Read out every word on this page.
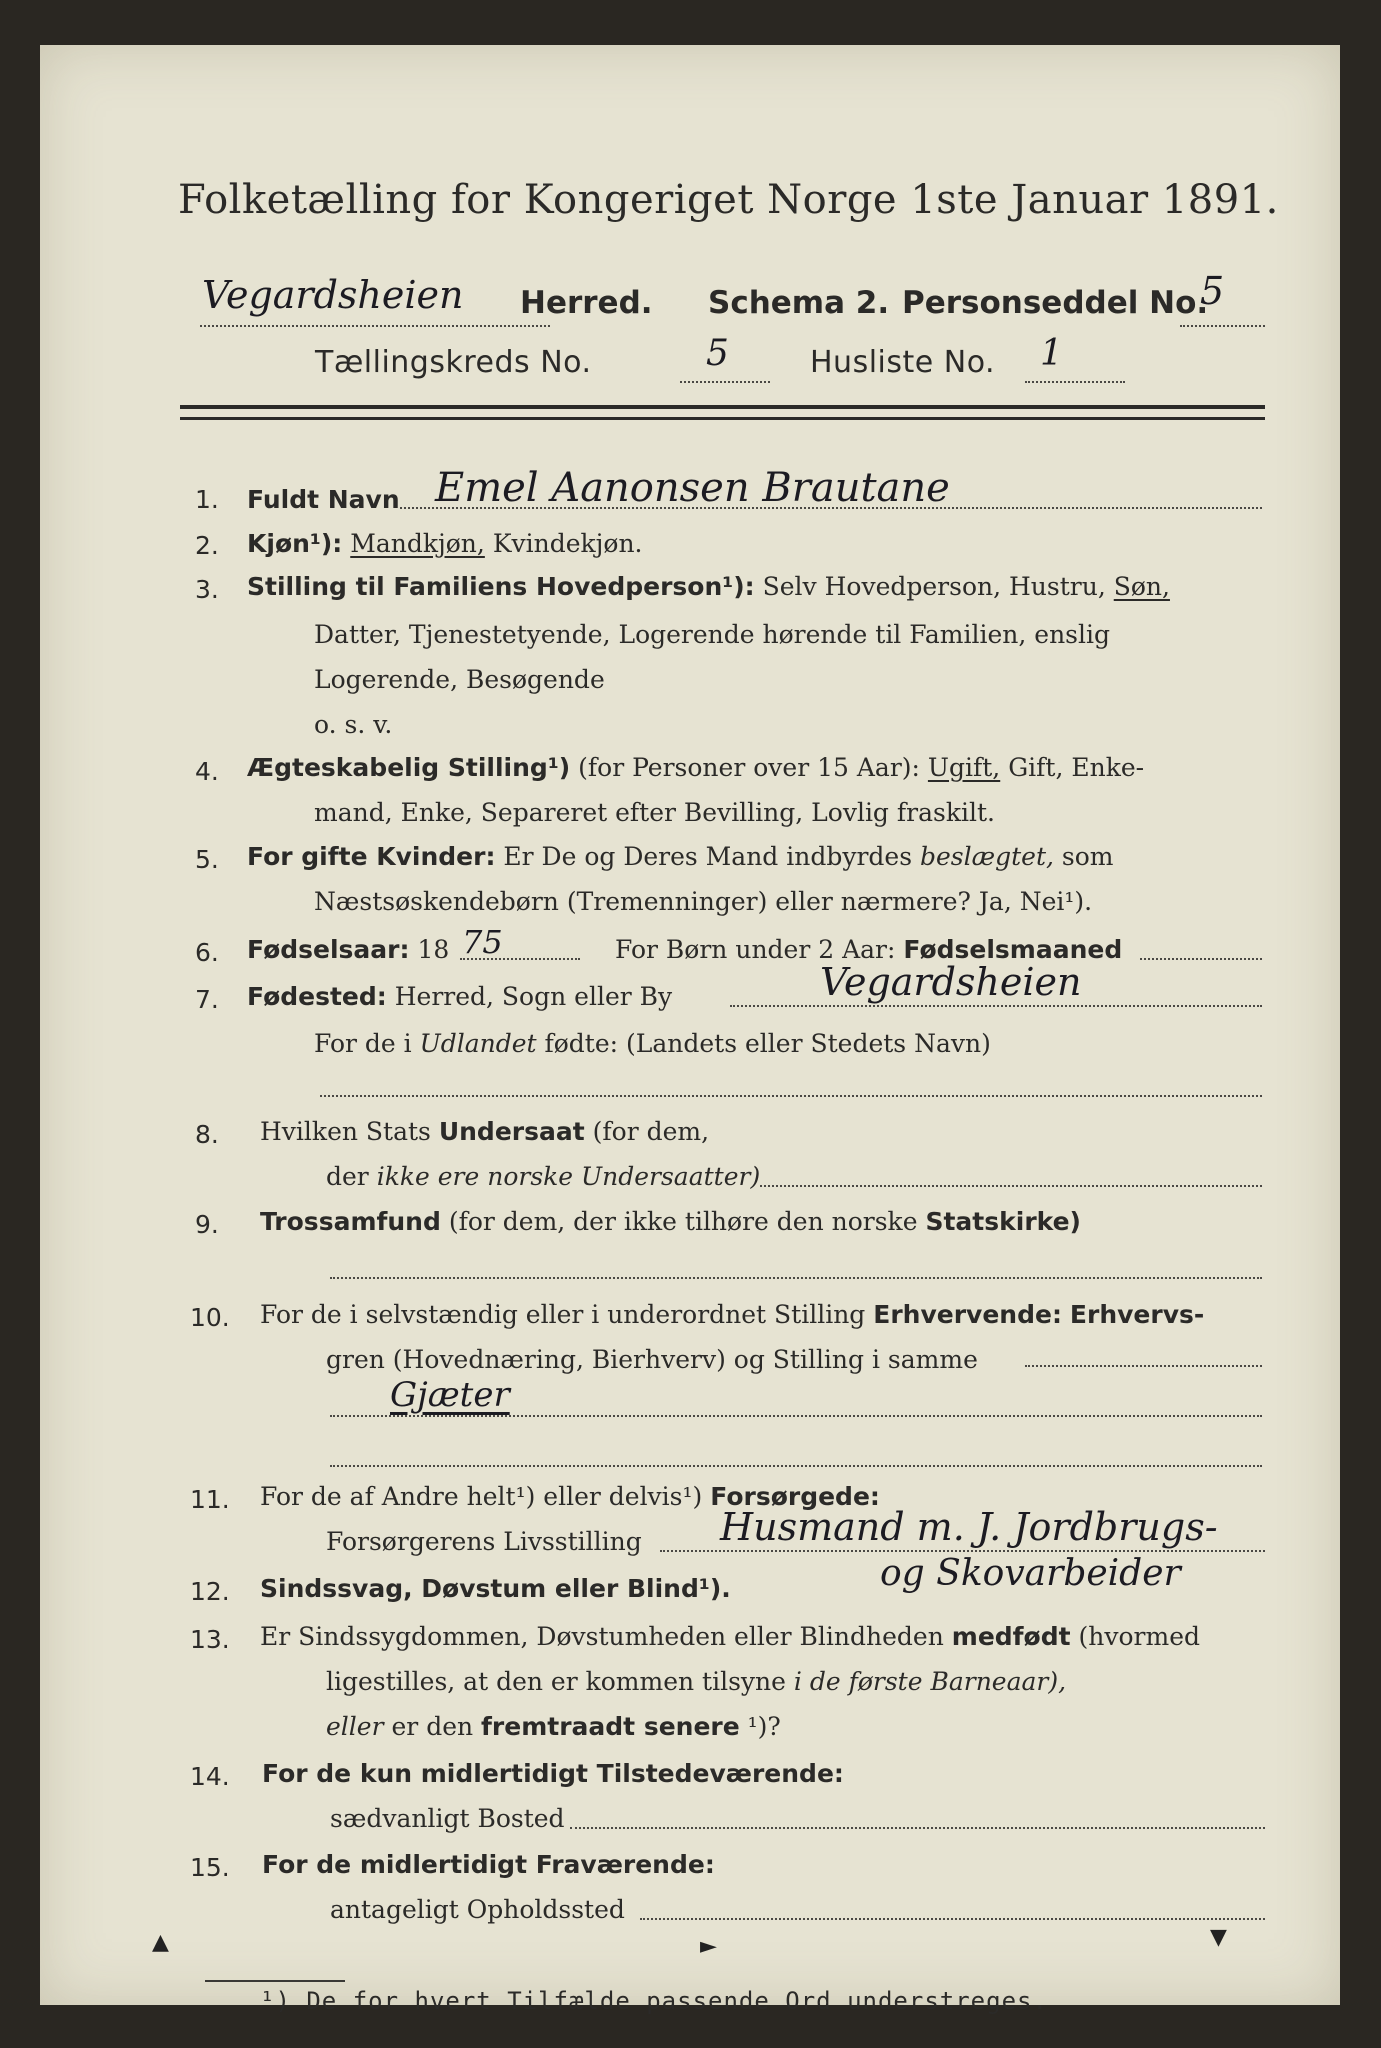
Folketælling for Kongeriget Norge 1ste Januar 1891.
Vegardsheien Herred. Schema 2. Personseddel No.
5
Tællingskreds No.	5	Husliste No. 1
1. Fuldt Navn Emel Aanonsen Brautane
2. Kjøn¹): Mandkjøn, Kvindekjøn.
3. Stilling til Familiens Hovedperson¹): Selv Hovedperson, Hustru, Søn,
Datter, Tjenestetyende, Logerende hørende til Familien, enslig
Logerende, Besøgende
o. s. v.
4. Ægteskabelig Stilling¹) (for Personer over 15 Aar): Ugift, Gift, Enke-
mand, Enke, Separeret efter Bevilling, Lovlig fraskilt.
5. For gifte Kvinder: Er De og Deres Mand indbyrdes beslægtet, som
Næstsøskendebørn (Tremenninger) eller nærmere? Ja, Nei¹).
6. Fødselsaar: 18 75	For Børn under 2 Aar: Fødselsmaaned
7. Fødested: Herred, Sogn eller By	Vegardsheien
For de i Udlandet fødte: (Landets eller Stedets Navn)
8. Hvilken Stats Undersaat (for dem,
der ikke ere norske Undersaatter)
9. Trossamfund (for dem, der ikke tilhøre den norske Statskirke)
10. For de i selvstændig eller i underordnet Stilling Erhvervende: Erhvervs-
gren (Hovednæring, Bierhverv) og Stilling i samme
Gjæter
11. For de af Andre helt¹) eller delvis¹) Forsørgede:
Forsørgerens Livsstilling Husmand m. J. Jordbrugs-
og Skovarbeider
12. Sindssvag, Døvstum eller Blind¹).
13. Er Sindssygdommen, Døvstumheden eller Blindheden medfødt (hvormed
ligestilles, at den er kommen tilsyne i de første Barneaar),
eller er den fremtraadt senere ¹)?
14. For de kun midlertidigt Tilstedeværende:
sædvanligt Bosted
15. For de midlertidigt Fraværende:
antageligt Opholdssted
¹) De for hvert Tilfælde passende Ord understreges.
▲	►	▼
